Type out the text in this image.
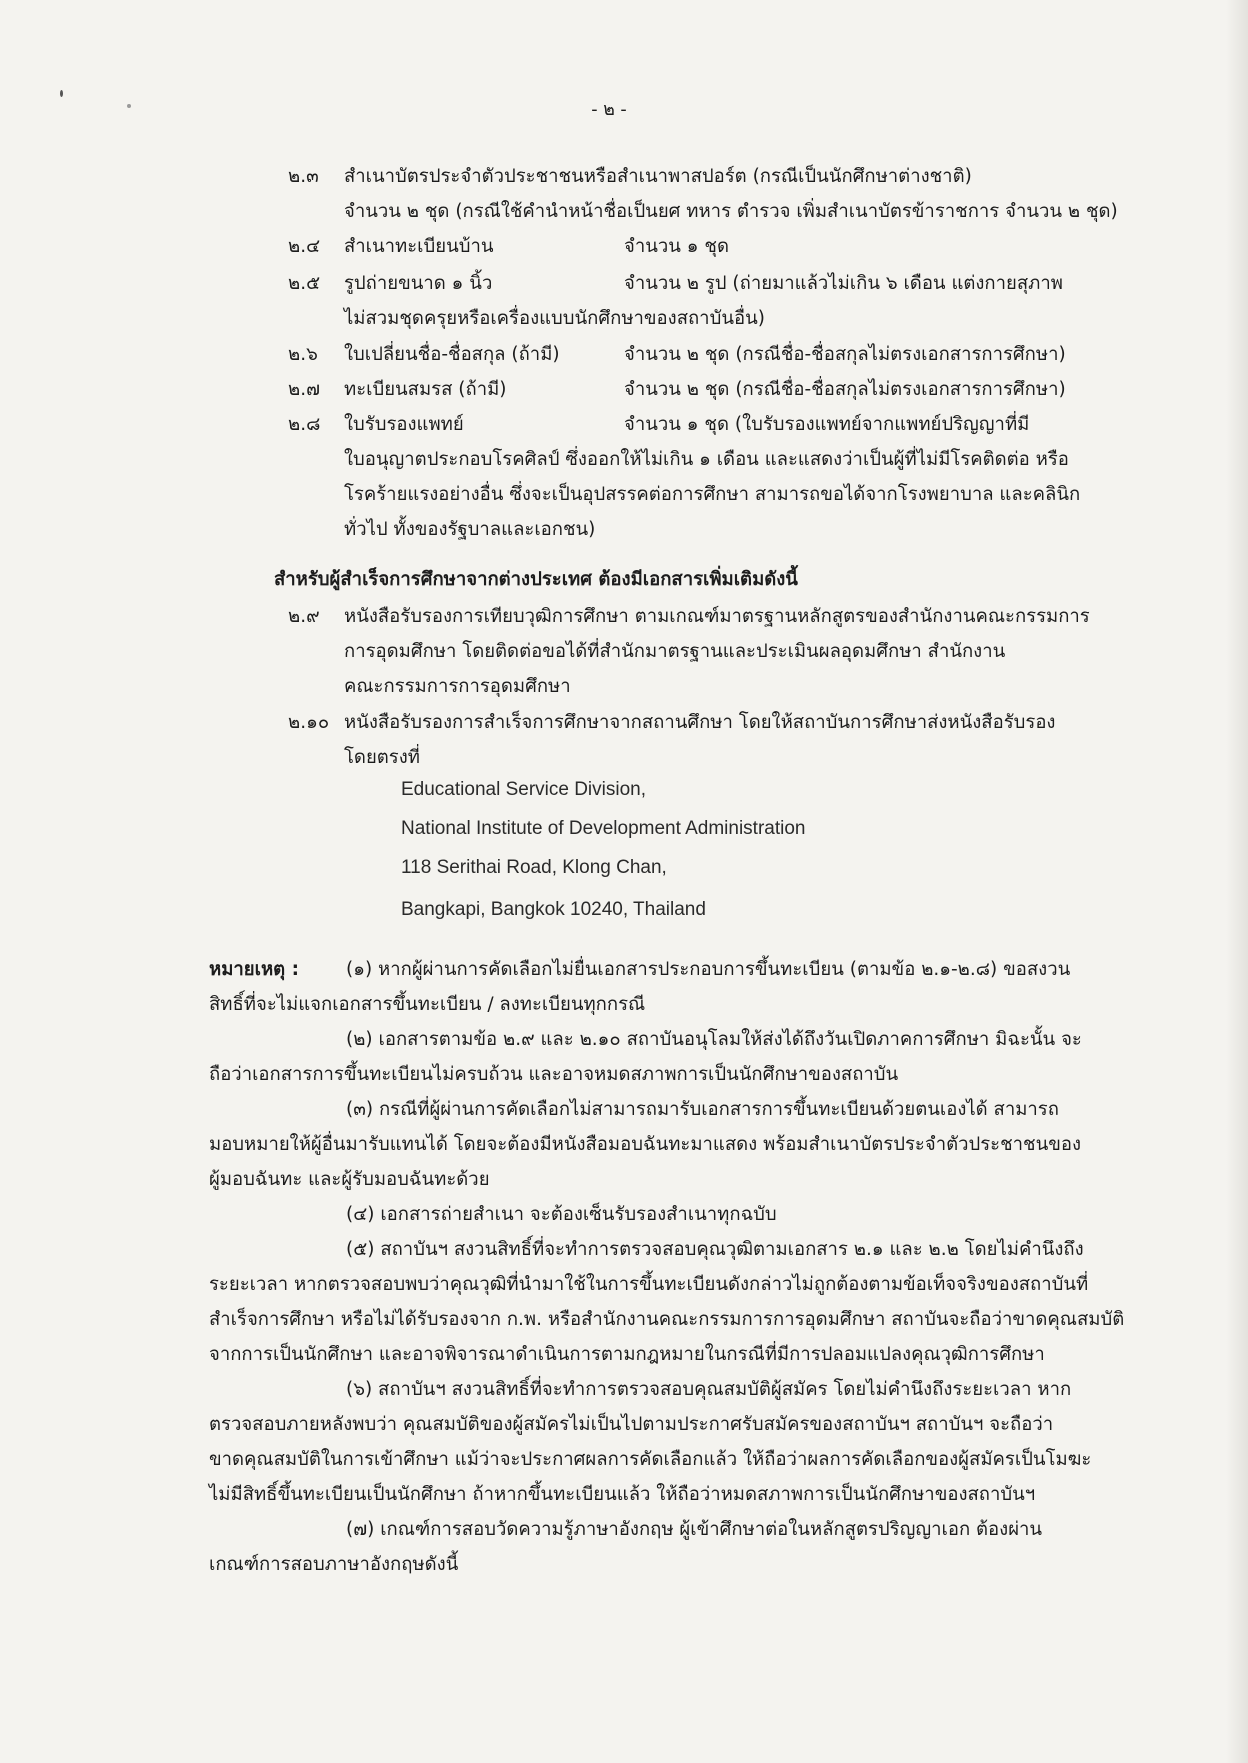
- ๒ -
๒.๓ สำเนาบัตรประจำตัวประชาชนหรือสำเนาพาสปอร์ต (กรณีเป็นนักศึกษาต่างชาติ)
จำนวน ๒ ชุด (กรณีใช้คำนำหน้าชื่อเป็นยศ ทหาร ตำรวจ เพิ่มสำเนาบัตรข้าราชการ จำนวน ๒ ชุด)
๒.๔ สำเนาทะเบียนบ้าน	จำนวน ๑ ชุด
๒.๕ รูปถ่ายขนาด ๑ นิ้ว	จำนวน ๒ รูป (ถ่ายมาแล้วไม่เกิน ๖ เดือน แต่งกายสุภาพ
ไม่สวมชุดครุยหรือเครื่องแบบนักศึกษาของสถาบันอื่น)
๒.๖ ใบเปลี่ยนชื่อ-ชื่อสกุล (ถ้ามี)	จำนวน ๒ ชุด (กรณีชื่อ-ชื่อสกุลไม่ตรงเอกสารการศึกษา)
๒.๗ ทะเบียนสมรส (ถ้ามี)	จำนวน ๒ ชุด (กรณีชื่อ-ชื่อสกุลไม่ตรงเอกสารการศึกษา)
๒.๘ ใบรับรองแพทย์	จำนวน ๑ ชุด (ใบรับรองแพทย์จากแพทย์ปริญญาที่มี
ใบอนุญาตประกอบโรคศิลป์ ซึ่งออกให้ไม่เกิน ๑ เดือน และแสดงว่าเป็นผู้ที่ไม่มีโรคติดต่อ หรือ
โรคร้ายแรงอย่างอื่น ซึ่งจะเป็นอุปสรรคต่อการศึกษา สามารถขอได้จากโรงพยาบาล และคลินิก
ทั่วไป ทั้งของรัฐบาลและเอกชน)
สำหรับผู้สำเร็จการศึกษาจากต่างประเทศ ต้องมีเอกสารเพิ่มเติมดังนี้
๒.๙ หนังสือรับรองการเทียบวุฒิการศึกษา ตามเกณฑ์มาตรฐานหลักสูตรของสำนักงานคณะกรรมการ
การอุดมศึกษา โดยติดต่อขอได้ที่สำนักมาตรฐานและประเมินผลอุดมศึกษา สำนักงาน
คณะกรรมการการอุดมศึกษา
๒.๑๐ หนังสือรับรองการสำเร็จการศึกษาจากสถานศึกษา โดยให้สถาบันการศึกษาส่งหนังสือรับรอง
โดยตรงที่
Educational Service Division,
National Institute of Development Administration
118 Serithai Road, Klong Chan,
Bangkapi, Bangkok 10240, Thailand
หมายเหตุ :	(๑) หากผู้ผ่านการคัดเลือกไม่ยื่นเอกสารประกอบการขึ้นทะเบียน (ตามข้อ ๒.๑-๒.๘) ขอสงวน
สิทธิ์ที่จะไม่แจกเอกสารขึ้นทะเบียน / ลงทะเบียนทุกกรณี
(๒) เอกสารตามข้อ ๒.๙ และ ๒.๑๐ สถาบันอนุโลมให้ส่งได้ถึงวันเปิดภาคการศึกษา มิฉะนั้น จะ
ถือว่าเอกสารการขึ้นทะเบียนไม่ครบถ้วน และอาจหมดสภาพการเป็นนักศึกษาของสถาบัน
(๓) กรณีที่ผู้ผ่านการคัดเลือกไม่สามารถมารับเอกสารการขึ้นทะเบียนด้วยตนเองได้ สามารถ
มอบหมายให้ผู้อื่นมารับแทนได้ โดยจะต้องมีหนังสือมอบฉันทะมาแสดง พร้อมสำเนาบัตรประจำตัวประชาชนของ
ผู้มอบฉันทะ และผู้รับมอบฉันทะด้วย
(๔) เอกสารถ่ายสำเนา จะต้องเซ็นรับรองสำเนาทุกฉบับ
(๕) สถาบันฯ สงวนสิทธิ์ที่จะทำการตรวจสอบคุณวุฒิตามเอกสาร ๒.๑ และ ๒.๒ โดยไม่คำนึงถึง
ระยะเวลา หากตรวจสอบพบว่าคุณวุฒิที่นำมาใช้ในการขึ้นทะเบียนดังกล่าวไม่ถูกต้องตามข้อเท็จจริงของสถาบันที่
สำเร็จการศึกษา หรือไม่ได้รับรองจาก ก.พ. หรือสำนักงานคณะกรรมการการอุดมศึกษา สถาบันจะถือว่าขาดคุณสมบัติ
จากการเป็นนักศึกษา และอาจพิจารณาดำเนินการตามกฎหมายในกรณีที่มีการปลอมแปลงคุณวุฒิการศึกษา
(๖) สถาบันฯ สงวนสิทธิ์ที่จะทำการตรวจสอบคุณสมบัติผู้สมัคร โดยไม่คำนึงถึงระยะเวลา หาก
ตรวจสอบภายหลังพบว่า คุณสมบัติของผู้สมัครไม่เป็นไปตามประกาศรับสมัครของสถาบันฯ สถาบันฯ จะถือว่า
ขาดคุณสมบัติในการเข้าศึกษา แม้ว่าจะประกาศผลการคัดเลือกแล้ว ให้ถือว่าผลการคัดเลือกของผู้สมัครเป็นโมฆะ
ไม่มีสิทธิ์ขึ้นทะเบียนเป็นนักศึกษา ถ้าหากขึ้นทะเบียนแล้ว ให้ถือว่าหมดสภาพการเป็นนักศึกษาของสถาบันฯ
(๗) เกณฑ์การสอบวัดความรู้ภาษาอังกฤษ ผู้เข้าศึกษาต่อในหลักสูตรปริญญาเอก ต้องผ่าน
เกณฑ์การสอบภาษาอังกฤษดังนี้
